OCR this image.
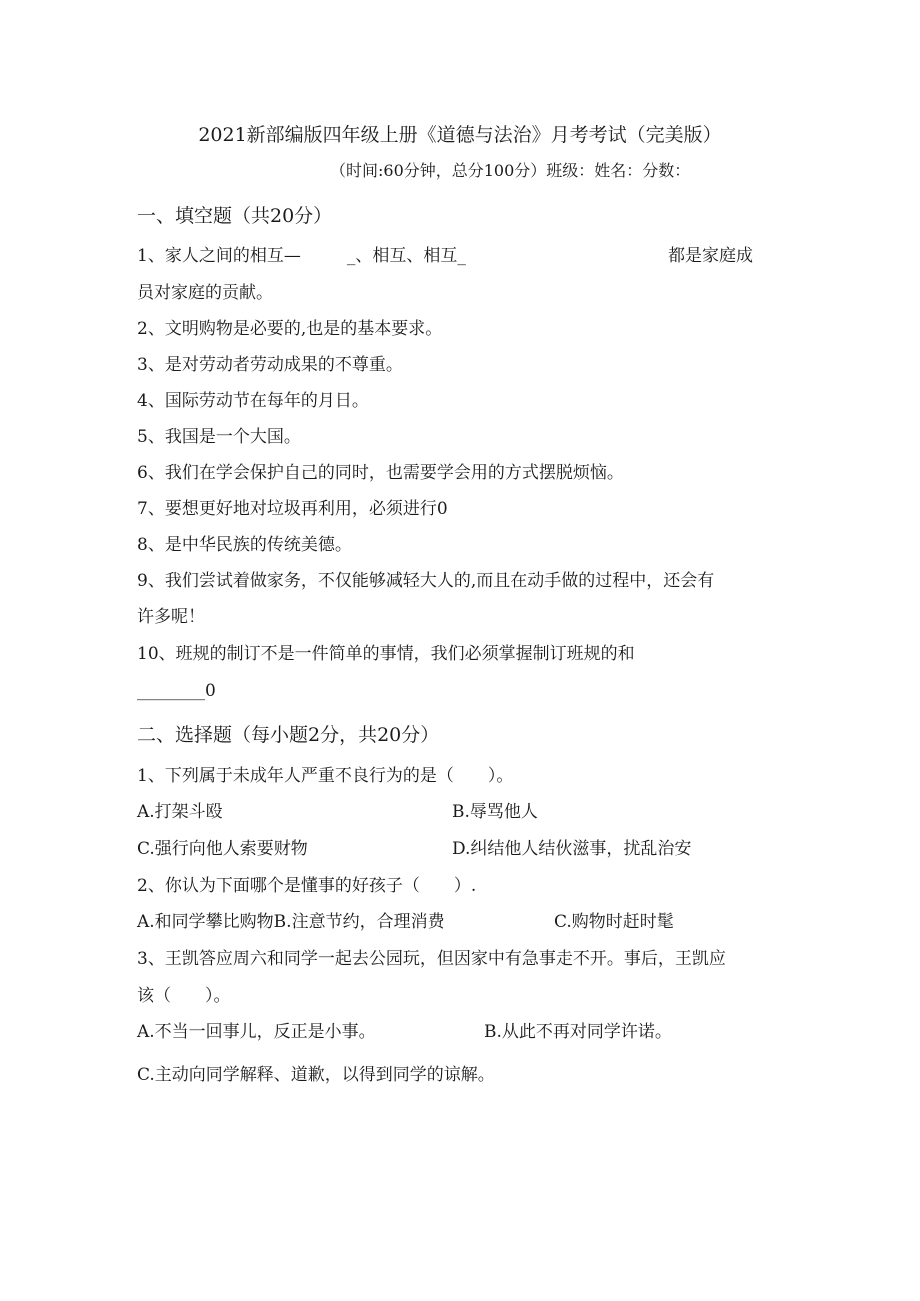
2021新部编版四年级上册《道德与法治》月考考试（完美版）
（时间:60分钟，总分100分）班级：姓名：分数：
一、填空题（共20分）
1、家人之间的相互—	_、相互、相互_	都是家庭成
员对家庭的贡献。
2、文明购物是必要的,也是的基本要求。
3、是对劳动者劳动成果的不尊重。
4、国际劳动节在每年的月日。
5、我国是一个大国。
6、我们在学会保护自己的同时，也需要学会用的方式摆脱烦恼。
7、要想更好地对垃圾再利用，必须进行0
8、是中华民族的传统美德。
9、我们尝试着做家务，不仅能够减轻大人的,而且在动手做的过程中，还会有
许多呢！
10、班规的制订不是一件简单的事情，我们必须掌握制订班规的和
________0
二、选择题（每小题2分，共20分）
1、下列属于未成年人严重不良行为的是（　　）。
A.打架斗殴	B.辱骂他人
C.强行向他人索要财物	D.纠结他人结伙滋事，扰乱治安
2、你认为下面哪个是懂事的好孩子（　　）.
A.和同学攀比购物B.注意节约，合理消费	C.购物时赶时髦
3、王凯答应周六和同学一起去公园玩，但因家中有急事走不开。事后，王凯应
该（　　）。
A.不当一回事儿，反正是小事。	B.从此不再对同学许诺。
C.主动向同学解释、道歉，以得到同学的谅解。
